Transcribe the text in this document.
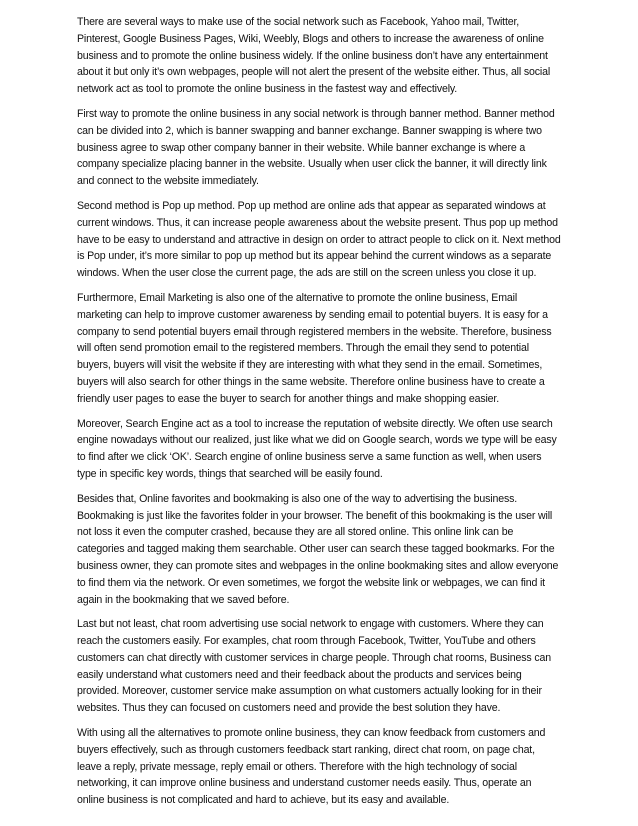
There are several ways to make use of the social network such as Facebook, Yahoo mail, Twitter, Pinterest, Google Business Pages, Wiki, Weebly, Blogs and others to increase the awareness of online business and to promote the online business widely. If the online business don’t have any entertainment about it but only it’s own webpages, people will not alert the present of the website either. Thus, all social network act as tool to promote the online business in the fastest way and effectively.

First way to promote the online business in any social network is through banner method. Banner method can be divided into 2, which is banner swapping and banner exchange. Banner swapping is where two business agree to swap other company banner in their website. While banner exchange is where a company specialize placing banner in the website. Usually when user click the banner, it will directly link and connect to the website immediately.

Second method is Pop up method. Pop up method are online ads that appear as separated windows at current windows. Thus, it can increase people awareness about the website present. Thus pop up method have to be easy to understand and attractive in design on order to attract people to click on it. Next method is Pop under, it’s more similar to pop up method but its appear behind the current windows as a separate windows. When the user close the current page, the ads are still on the screen unless you close it up.

Furthermore, Email Marketing is also one of the alternative to promote the online business, Email marketing can help to improve customer awareness by sending email to potential buyers. It is easy for a company to send potential buyers email through registered members in the website. Therefore, business will often send promotion email to the registered members. Through the email they send to potential buyers, buyers will visit the website if they are interesting with what they send in the email. Sometimes, buyers will also search for other things in the same website. Therefore online business have to create a friendly user pages to ease the buyer to search for another things and make shopping easier.

Moreover, Search Engine act as a tool to increase the reputation of website directly. We often use search engine nowadays without our realized, just like what we did on Google search, words we type will be easy to find after we click ‘OK’. Search engine of online business serve a same function as well, when users type in specific key words, things that searched will be easily found.

Besides that, Online favorites and bookmaking is also one of the way to advertising the business. Bookmaking is just like the favorites folder in your browser. The benefit of this bookmaking is the user will not loss it even the computer crashed, because they are all stored online. This online link can be categories and tagged making them searchable. Other user can search these tagged bookmarks. For the business owner, they can promote sites and webpages in the online bookmaking sites and allow everyone to find them via the network. Or even sometimes, we forgot the website link or webpages, we can find it again in the bookmaking that we saved before.

Last but not least, chat room advertising use social network to engage with customers. Where they can reach the customers easily. For examples, chat room through Facebook, Twitter, YouTube and others customers can chat directly with customer services in charge people. Through chat rooms, Business can easily understand what customers need and their feedback about the products and services being provided. Moreover, customer service make assumption on what customers actually looking for in their websites. Thus they can focused on customers need and provide the best solution they have.

With using all the alternatives to promote online business, they can know feedback from customers and buyers effectively, such as through customers feedback start ranking, direct chat room, on page chat, leave a reply, private message, reply email or others. Therefore with the high technology of social networking, it can improve online business and understand customer needs easily. Thus, operate an online business is not complicated and hard to achieve, but its easy and available.
